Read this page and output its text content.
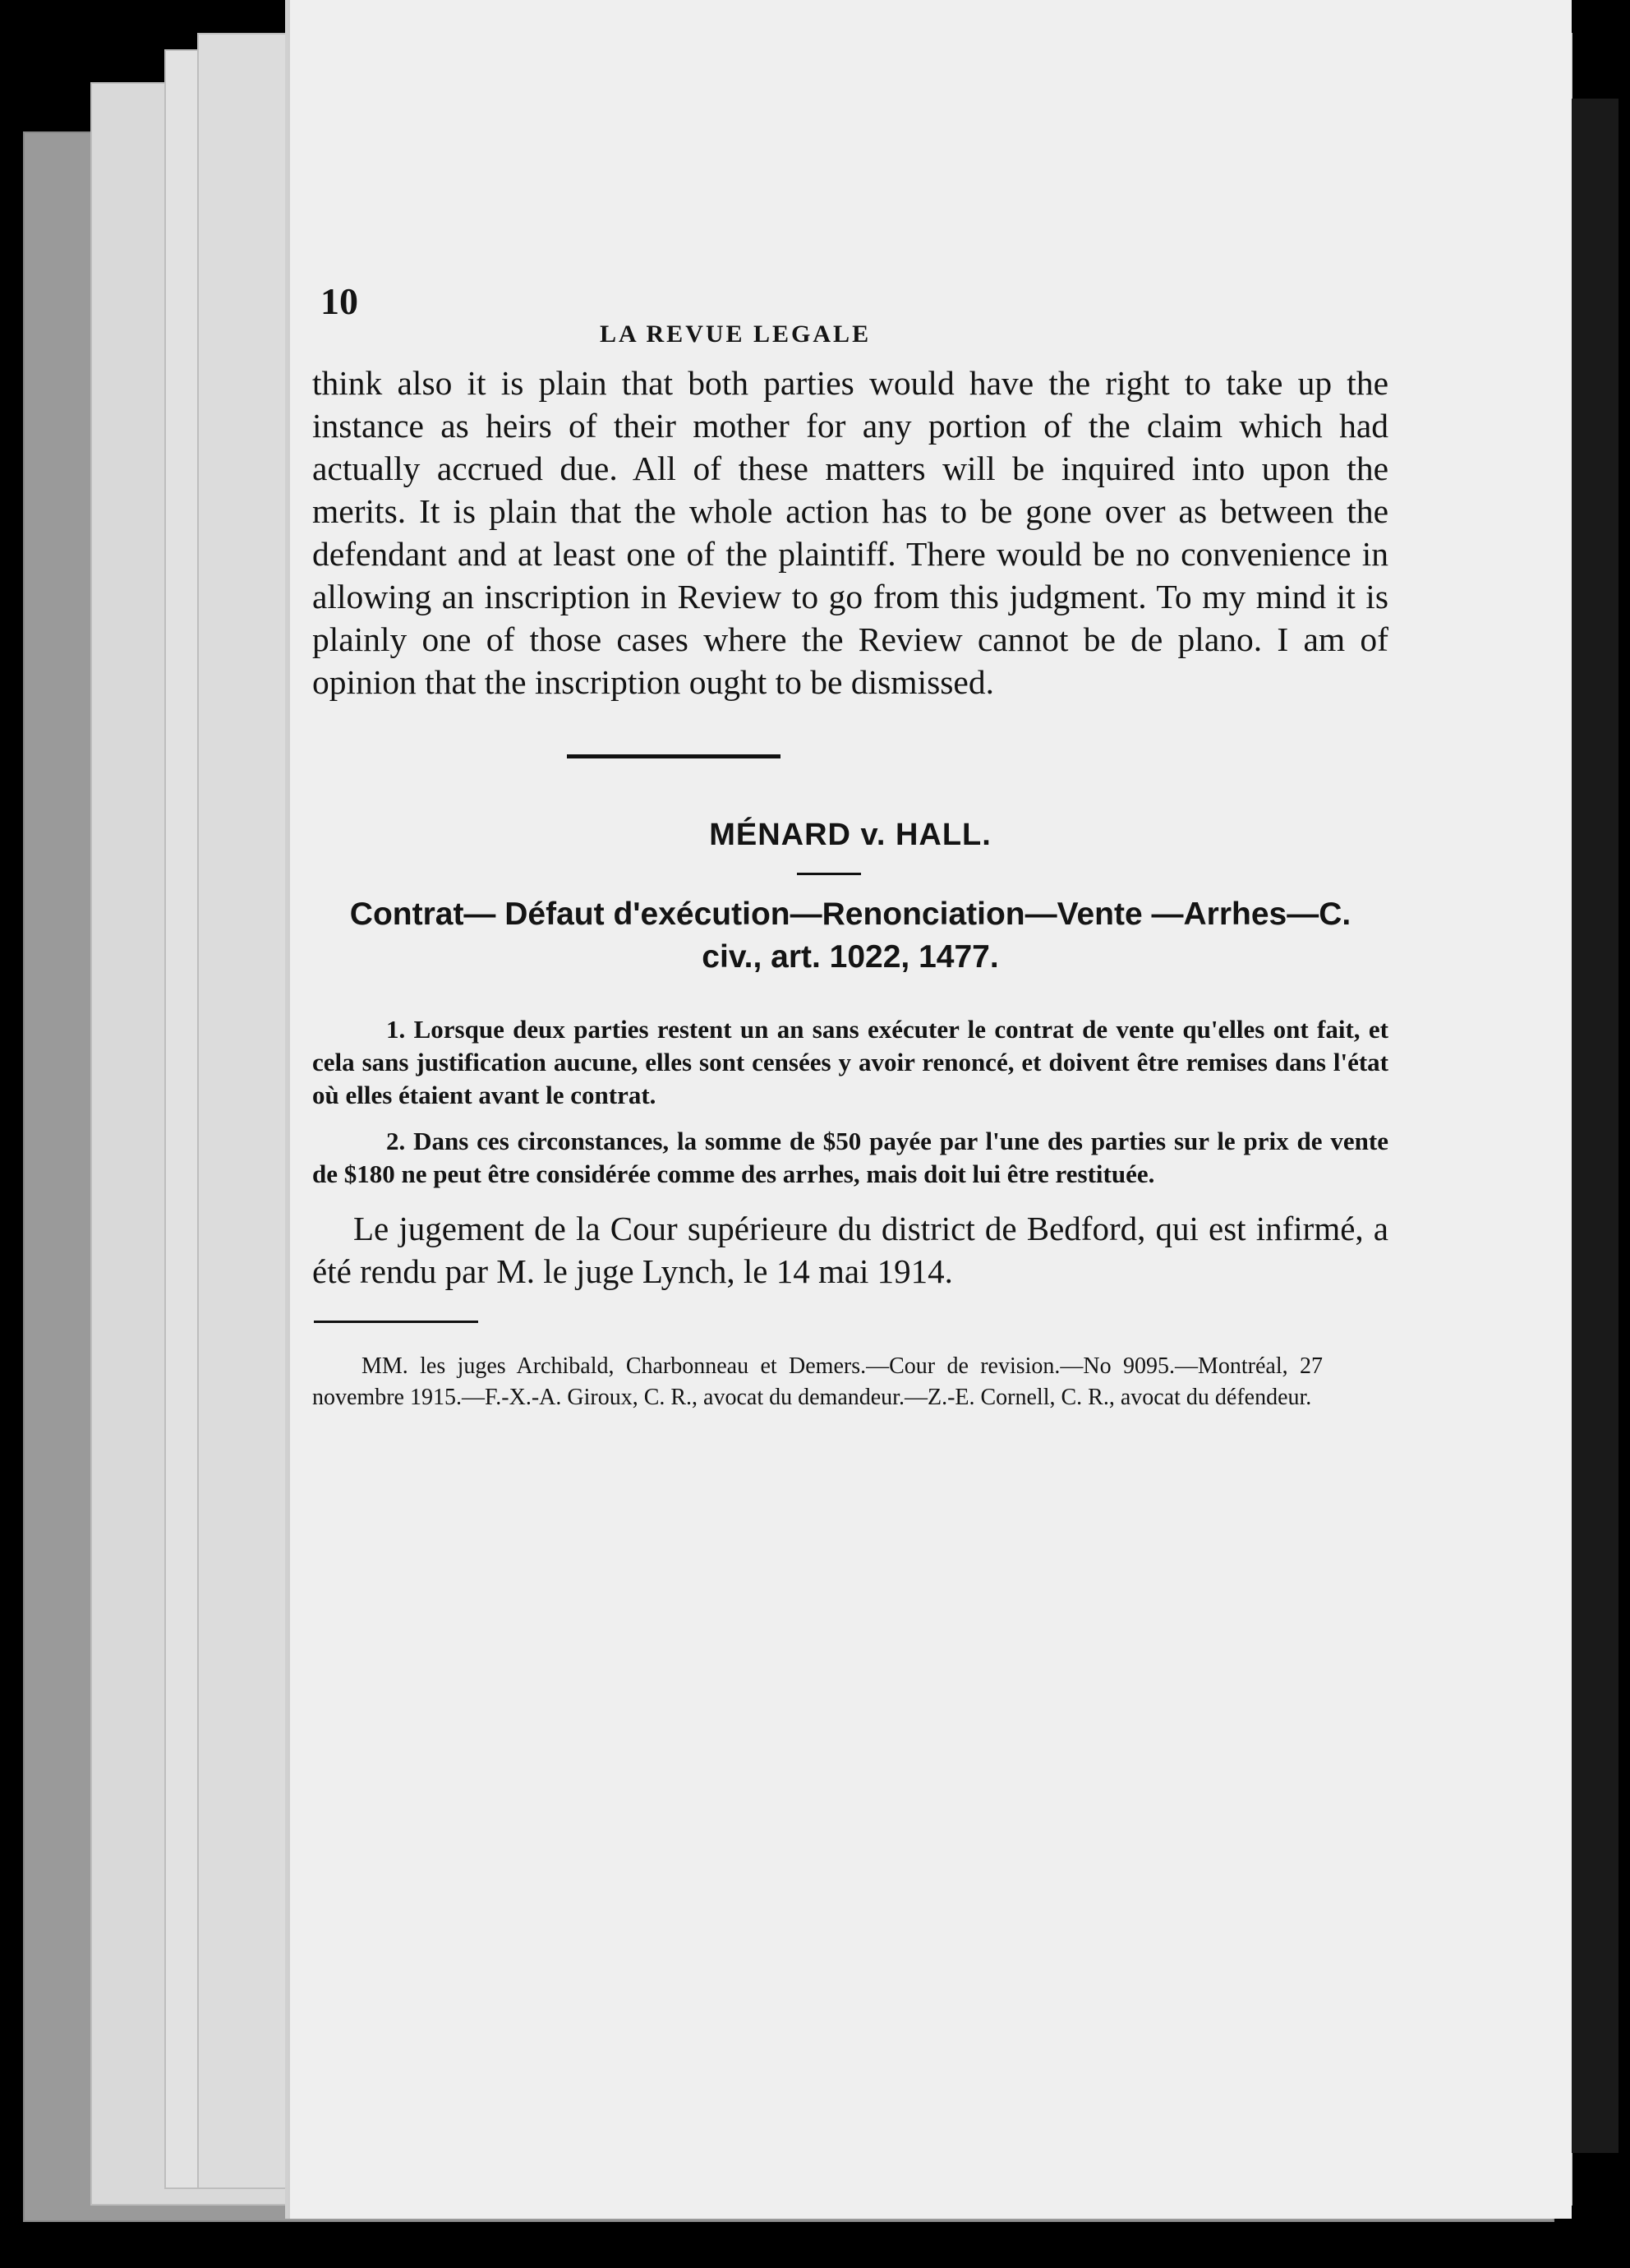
10
LA REVUE LEGALE

think also it is plain that both parties would have the right to take up the instance as heirs of their mother for any portion of the claim which had actually accrued due. All of these matters will be inquired into upon the merits. It is plain that the whole action has to be gone over as between the defendant and at least one of the plaintiff. There would be no convenience in allowing an inscription in Review to go from this judgment. To my mind it is plainly one of those cases where the Review cannot be de plano. I am of opinion that the inscription ought to be dismissed.

MÉNARD v. HALL.
Contrat— Défaut d'exécution—Renonciation—Vente —Arrhes—C. civ., art. 1022, 1477.

1. Lorsque deux parties restent un an sans exécuter le contrat de vente qu'elles ont fait, et cela sans justification aucune, elles sont censées y avoir renoncé, et doivent être remises dans l'état où elles étaient avant le contrat.

2. Dans ces circonstances, la somme de $50 payée par l'une des parties sur le prix de vente de $180 ne peut être considérée comme des arrhes, mais doit lui être restituée.

Le jugement de la Cour supérieure du district de Bedford, qui est infirmé, a été rendu par M. le juge Lynch, le 14 mai 1914.

MM. les juges Archibald, Charbonneau et Demers.—Cour de revision.—No 9095.—Montréal, 27 novembre 1915.—F.-X.-A. Giroux, C. R., avocat du demandeur.—Z.-E. Cornell, C. R., avocat du défendeur.
